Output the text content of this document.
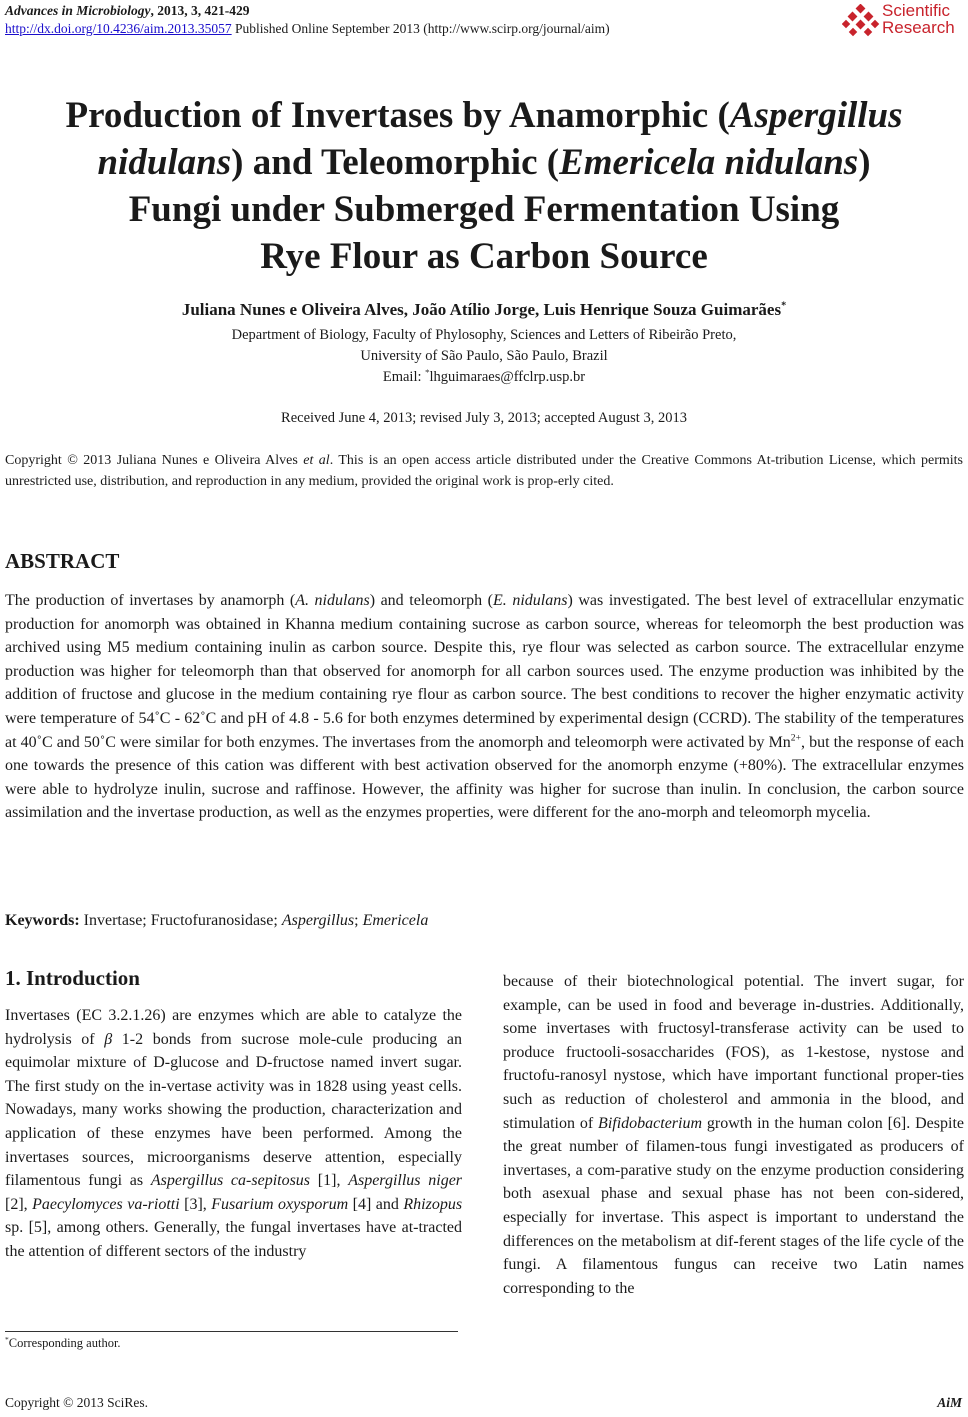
Advances in Microbiology, 2013, 3, 421-429
http://dx.doi.org/10.4236/aim.2013.35057 Published Online September 2013 (http://www.scirp.org/journal/aim)
Scientific
Research
Production of Invertases by Anamorphic (Aspergillus
nidulans) and Teleomorphic (Emericela nidulans)
Fungi under Submerged Fermentation Using
Rye Flour as Carbon Source
Juliana Nunes e Oliveira Alves, João Atílio Jorge, Luis Henrique Souza Guimarães*
Department of Biology, Faculty of Phylosophy, Sciences and Letters of Ribeirão Preto,
University of São Paulo, São Paulo, Brazil
Email: *lhguimaraes@ffclrp.usp.br
Received June 4, 2013; revised July 3, 2013; accepted August 3, 2013
Copyright © 2013 Juliana Nunes e Oliveira Alves et al. This is an open access article distributed under the Creative Commons At-tribution License, which permits unrestricted use, distribution, and reproduction in any medium, provided the original work is prop-erly cited.
ABSTRACT
The production of invertases by anamorph (A. nidulans) and teleomorph (E. nidulans) was investigated. The best level of extracellular enzymatic production for anomorph was obtained in Khanna medium containing sucrose as carbon source, whereas for teleomorph the best production was archived using M5 medium containing inulin as carbon source. Despite this, rye flour was selected as carbon source. The extracellular enzyme production was higher for teleomorph than that observed for anomorph for all carbon sources used. The enzyme production was inhibited by the addition of fructose and glucose in the medium containing rye flour as carbon source. The best conditions to recover the higher enzymatic activity were temperature of 54˚C - 62˚C and pH of 4.8 - 5.6 for both enzymes determined by experimental design (CCRD). The stability of the temperatures at 40˚C and 50˚C were similar for both enzymes. The invertases from the anomorph and teleomorph were activated by $Mn^{2+}$, but the response of each one towards the presence of this cation was different with best activation observed for the anomorph enzyme (+80%). The extracellular enzymes were able to hydrolyze inulin, sucrose and raffinose. However, the affinity was higher for sucrose than inulin. In conclusion, the carbon source assimilation and the invertase production, as well as the enzymes properties, were different for the ano-morph and teleomorph mycelia.
Keywords: Invertase; Fructofuranosidase; Aspergillus; Emericela
1. Introduction
Invertases (EC 3.2.1.26) are enzymes which are able to catalyze the hydrolysis of β 1-2 bonds from sucrose mole-cule producing an equimolar mixture of D-glucose and D-fructose named invert sugar. The first study on the in-vertase activity was in 1828 using yeast cells. Nowadays, many works showing the production, characterization and application of these enzymes have been performed. Among the invertases sources, microorganisms deserve attention, especially filamentous fungi as Aspergillus ca-sepitosus [1], Aspergillus niger [2], Paecylomyces va-riotti [3], Fusarium oxysporum [4] and Rhizopus sp. [5], among others. Generally, the fungal invertases have at-tracted the attention of different sectors of the industry
because of their biotechnological potential. The invert sugar, for example, can be used in food and beverage in-dustries. Additionally, some invertases with fructosyl-transferase activity can be used to produce fructooli-sosaccharides (FOS), as 1-kestose, nystose and fructofu-ranosyl nystose, which have important functional proper-ties such as reduction of cholesterol and ammonia in the blood, and stimulation of Bifidobacterium growth in the human colon [6]. Despite the great number of filamen-tous fungi investigated as producers of invertases, a com-parative study on the enzyme production considering both asexual phase and sexual phase has not been con-sidered, especially for invertase. This aspect is important to understand the differences on the metabolism at dif-ferent stages of the life cycle of the fungi. A filamentous fungus can receive two Latin names corresponding to the
*Corresponding author.
Copyright © 2013 SciRes.	AiM
